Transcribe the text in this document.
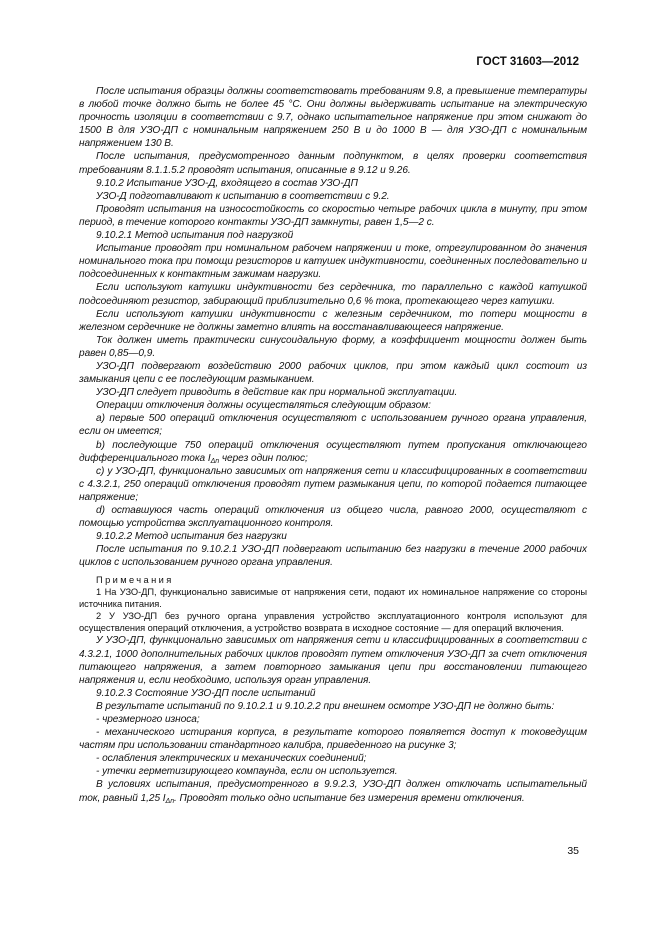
ГОСТ 31603—2012

После испытания образцы должны соответствовать требованиям 9.8, а превышение температуры в любой точке должно быть не более 45 °С. Они должны выдерживать испытание на электрическую прочность изоляции в соответствии с 9.7, однако испытательное напряжение при этом снижают до 1500 В для УЗО-ДП с номинальным напряжением 250 В и до 1000 В — для УЗО-ДП с номинальным напряжением 130 В.

После испытания, предусмотренного данным подпунктом, в целях проверки соответствия требованиям 8.1.1.5.2 проводят испытания, описанные в 9.12 и 9.26.

9.10.2 Испытание УЗО-Д, входящего в состав УЗО-ДП

УЗО-Д подготавливают к испытанию в соответствии с 9.2.

Проводят испытания на износостойкость со скоростью четыре рабочих цикла в минуту, при этом период, в течение которого контакты УЗО-ДП замкнуты, равен 1,5—2 с.

9.10.2.1 Метод испытания под нагрузкой

Испытание проводят при номинальном рабочем напряжении и токе, отрегулированном до значения номинального тока при помощи резисторов и катушек индуктивности, соединенных последовательно и подсоединенных к контактным зажимам нагрузки.

Если используют катушки индуктивности без сердечника, то параллельно с каждой катушкой подсоединяют резистор, забирающий приблизительно 0,6 % тока, протекающего через катушки.

Если используют катушки индуктивности с железным сердечником, то потери мощности в железном сердечнике не должны заметно влиять на восстанавливающееся напряжение.

Ток должен иметь практически синусоидальную форму, а коэффициент мощности должен быть равен 0,85—0,9.

УЗО-ДП подвергают воздействию 2000 рабочих циклов, при этом каждый цикл состоит из замыкания цепи с ее последующим размыканием.

УЗО-ДП следует приводить в действие как при нормальной эксплуатации.

Операции отключения должны осуществляться следующим образом:

a) первые 500 операций отключения осуществляют с использованием ручного органа управления, если он имеется;

b) последующие 750 операций отключения осуществляют путем пропускания отключающего дифференциального тока $I_{\Delta n}$ через один полюс;

c) у УЗО-ДП, функционально зависимых от напряжения сети и классифицированных в соответствии с 4.3.2.1, 250 операций отключения проводят путем размыкания цепи, по которой подается питающее напряжение;

d) оставшуюся часть операций отключения из общего числа, равного 2000, осуществляют с помощью устройства эксплуатационного контроля.

9.10.2.2 Метод испытания без нагрузки

После испытания по 9.10.2.1 УЗО-ДП подвергают испытанию без нагрузки в течение 2000 рабочих циклов с использованием ручного органа управления.

Примечания

1 На УЗО-ДП, функционально зависимые от напряжения сети, подают их номинальное напряжение со стороны источника питания.

2 У УЗО-ДП без ручного органа управления устройство эксплуатационного контроля используют для осуществления операций отключения, а устройство возврата в исходное состояние — для операций включения.

У УЗО-ДП, функционально зависимых от напряжения сети и классифицированных в соответствии с 4.3.2.1, 1000 дополнительных рабочих циклов проводят путем отключения УЗО-ДП за счет отключения питающего напряжения, а затем повторного замыкания цепи при восстановлении питающего напряжения и, если необходимо, используя орган управления.

9.10.2.3 Состояние УЗО-ДП после испытаний

В результате испытаний по 9.10.2.1 и 9.10.2.2 при внешнем осмотре УЗО-ДП не должно быть:

- чрезмерного износа;

- механического истирания корпуса, в результате которого появляется доступ к токоведущим частям при использовании стандартного калибра, приведенного на рисунке 3;

- ослабления электрических и механических соединений;

- утечки герметизирующего компаунда, если он используется.

В условиях испытания, предусмотренного в 9.9.2.3, УЗО-ДП должен отключать испытательный ток, равный 1,25 $I_{\Delta n}$. Проводят только одно испытание без измерения времени отключения.

35
